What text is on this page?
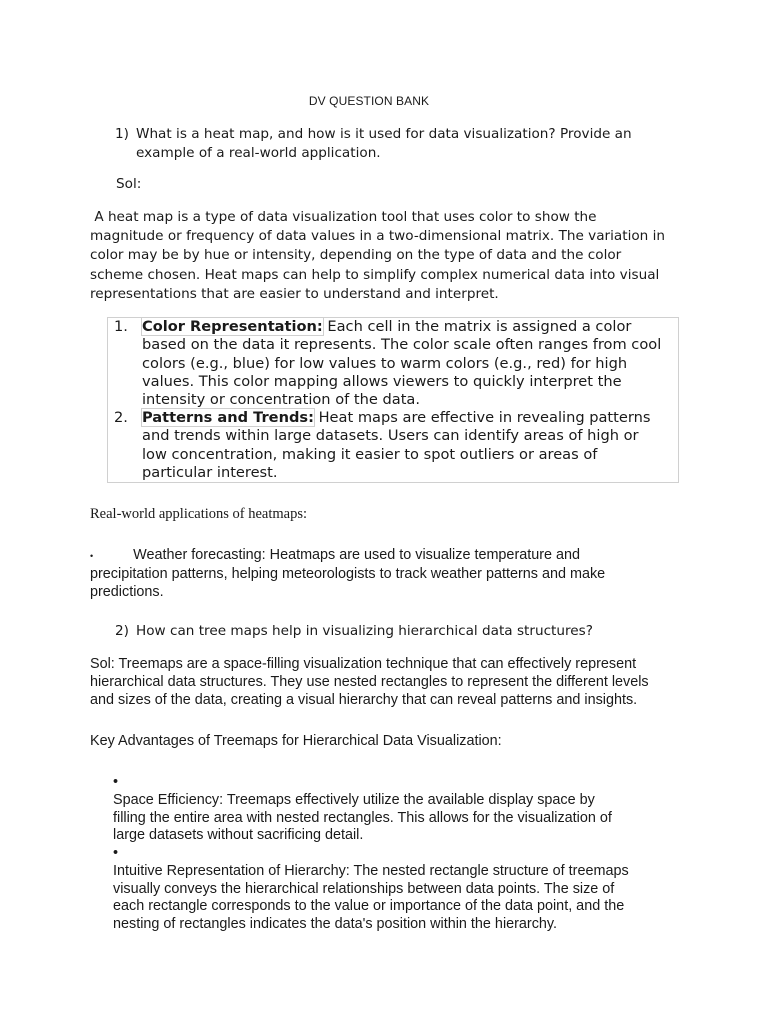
DV QUESTION BANK
1) What is a heat map, and how is it used for data visualization? Provide an
example of a real-world application.
Sol:
A heat map is a type of data visualization tool that uses color to show the
magnitude or frequency of data values in a two-dimensional matrix. The variation in
color may be by hue or intensity, depending on the type of data and the color
scheme chosen. Heat maps can help to simplify complex numerical data into visual
representations that are easier to understand and interpret.
1. Color Representation: Each cell in the matrix is assigned a color
based on the data it represents. The color scale often ranges from cool
colors (e.g., blue) for low values to warm colors (e.g., red) for high
values. This color mapping allows viewers to quickly interpret the
intensity or concentration of the data.
2. Patterns and Trends: Heat maps are effective in revealing patterns
and trends within large datasets. Users can identify areas of high or
low concentration, making it easier to spot outliers or areas of
particular interest.
Real-world applications of heatmaps:
•	Weather forecasting: Heatmaps are used to visualize temperature and
precipitation patterns, helping meteorologists to track weather patterns and make
predictions.
2) How can tree maps help in visualizing hierarchical data structures?
Sol: Treemaps are a space-filling visualization technique that can effectively represent
hierarchical data structures. They use nested rectangles to represent the different levels
and sizes of the data, creating a visual hierarchy that can reveal patterns and insights.
Key Advantages of Treemaps for Hierarchical Data Visualization:
•
Space Efficiency: Treemaps effectively utilize the available display space by
filling the entire area with nested rectangles. This allows for the visualization of
large datasets without sacrificing detail.
•
Intuitive Representation of Hierarchy: The nested rectangle structure of treemaps
visually conveys the hierarchical relationships between data points. The size of
each rectangle corresponds to the value or importance of the data point, and the
nesting of rectangles indicates the data's position within the hierarchy.
